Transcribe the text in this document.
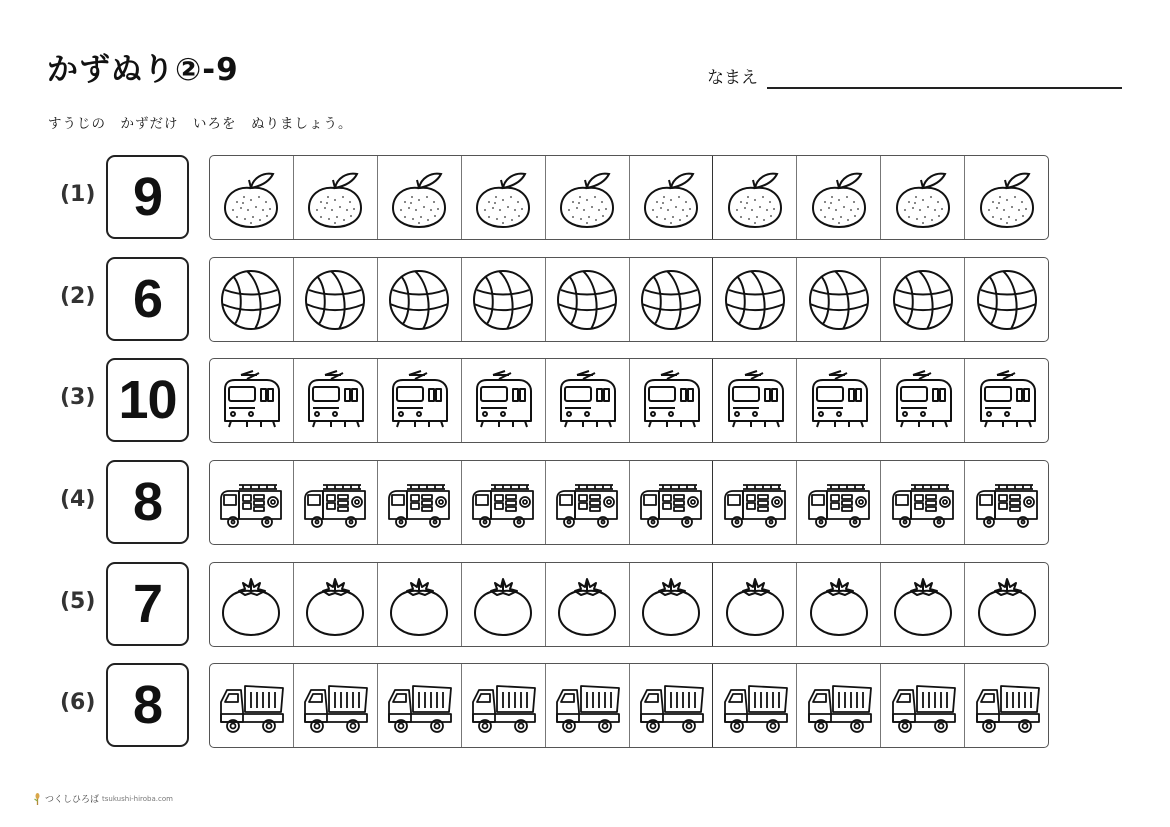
かずぬり②-9	なまえ
すうじの　かずだけ　いろを　ぬりましょう。
(1) 9
(2) 6
(3) 10
(4) 8
(5) 7
(6) 8
つくしひろば tsukushi-hiroba.com
